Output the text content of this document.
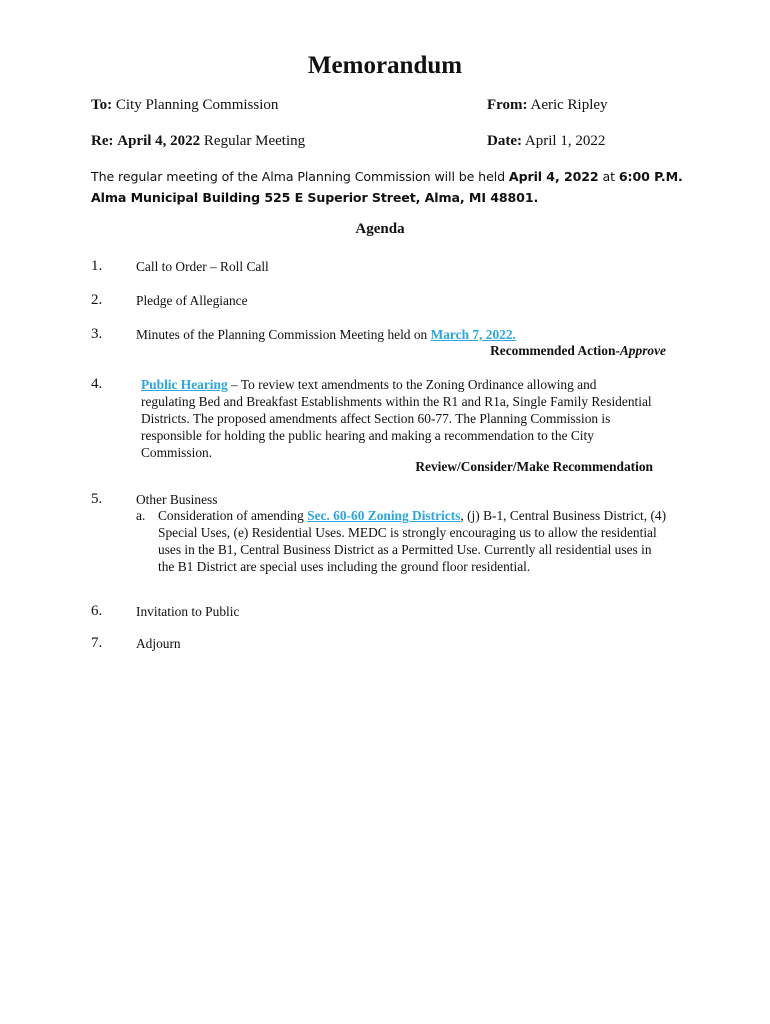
Memorandum
To: City Planning Commission	From: Aeric Ripley
Re: April 4, 2022 Regular Meeting	Date: April 1, 2022
The regular meeting of the Alma Planning Commission will be held April 4, 2022 at 6:00 P.M.
Alma Municipal Building 525 E Superior Street, Alma, MI 48801.
Agenda
1.	Call to Order – Roll Call
2.	Pledge of Allegiance
3.	Minutes of the Planning Commission Meeting held on March 7, 2022.
Recommended Action-Approve
4.	Public Hearing – To review text amendments to the Zoning Ordinance allowing and regulating Bed and Breakfast Establishments within the R1 and R1a, Single Family Residential Districts. The proposed amendments affect Section 60-77. The Planning Commission is responsible for holding the public hearing and making a recommendation to the City Commission.
Review/Consider/Make Recommendation
5.	Other Business
a. Consideration of amending Sec. 60-60 Zoning Districts, (j) B-1, Central Business District, (4) Special Uses, (e) Residential Uses. MEDC is strongly encouraging us to allow the residential uses in the B1, Central Business District as a Permitted Use. Currently all residential uses in the B1 District are special uses including the ground floor residential.
6.	Invitation to Public
7.	Adjourn
